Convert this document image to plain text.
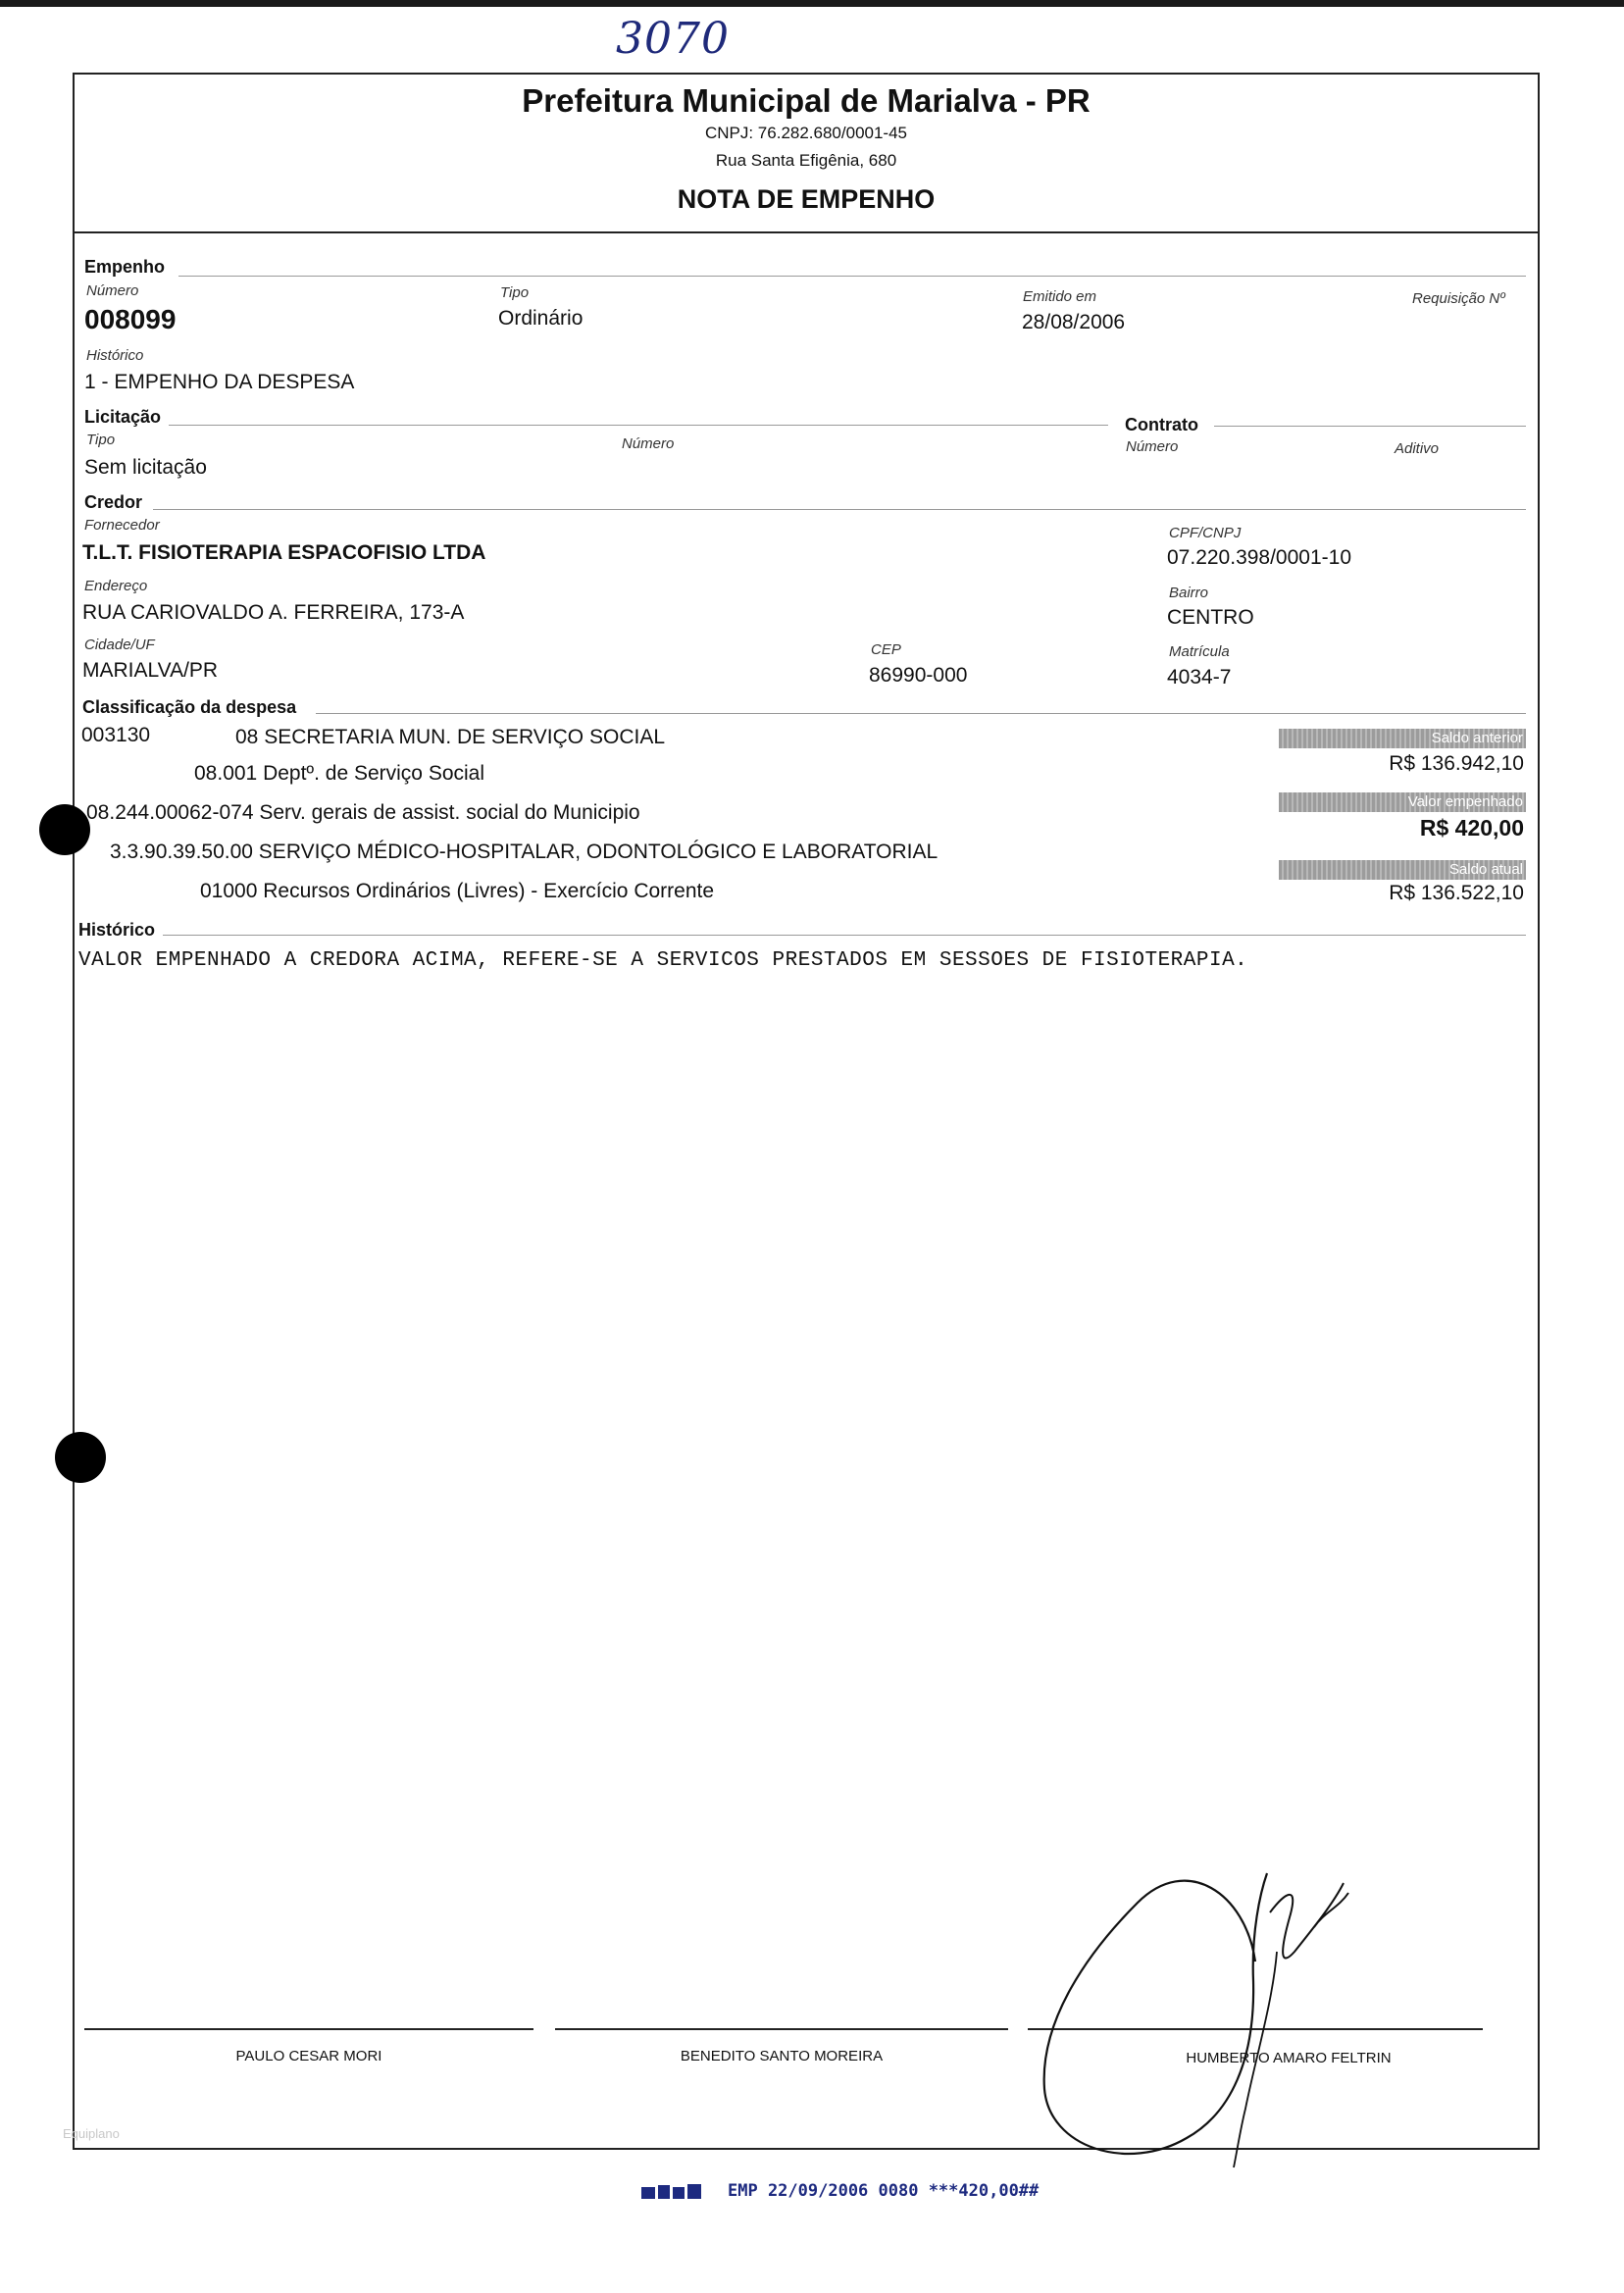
3070
Prefeitura Municipal de Marialva - PR
CNPJ: 76.282.680/0001-45
Rua Santa Efigênia, 680
NOTA DE EMPENHO
Empenho
Número
008099
Tipo
Ordinário
Emitido em
28/08/2006
Requisição Nº
Histórico
1 - EMPENHO DA DESPESA
Licitação
Tipo
Sem licitação
Número
Contrato
Número	Aditivo
Credor
Fornecedor
T.L.T. FISIOTERAPIA ESPACOFISIO LTDA
CPF/CNPJ
07.220.398/0001-10
Endereço
RUA CARIOVALDO A. FERREIRA, 173-A
Bairro
CENTRO
Cidade/UF
MARIALVA/PR
CEP
86990-000
Matrícula
4034-7
Classificação da despesa
003130	08 SECRETARIA MUN. DE SERVIÇO SOCIAL
08.001 Deptº. de Serviço Social
08.244.00062-074 Serv. gerais de assist. social do Municipio
3.3.90.39.50.00 SERVIÇO MÉDICO-HOSPITALAR, ODONTOLÓGICO E LABORATORIAL
01000 Recursos Ordinários (Livres) - Exercício Corrente
Saldo anterior
R$ 136.942,10
Valor empenhado
R$ 420,00
Saldo atual
R$ 136.522,10
Histórico
VALOR EMPENHADO A CREDORA ACIMA, REFERE-SE A SERVICOS PRESTADOS EM SESSOES DE FISIOTERAPIA.
PAULO CESAR MORI	BENEDITO SANTO MOREIRA	HUMBERTO AMARO FELTRIN
Equiplano
EMP 22/09/2006 0080 ***420,00##
